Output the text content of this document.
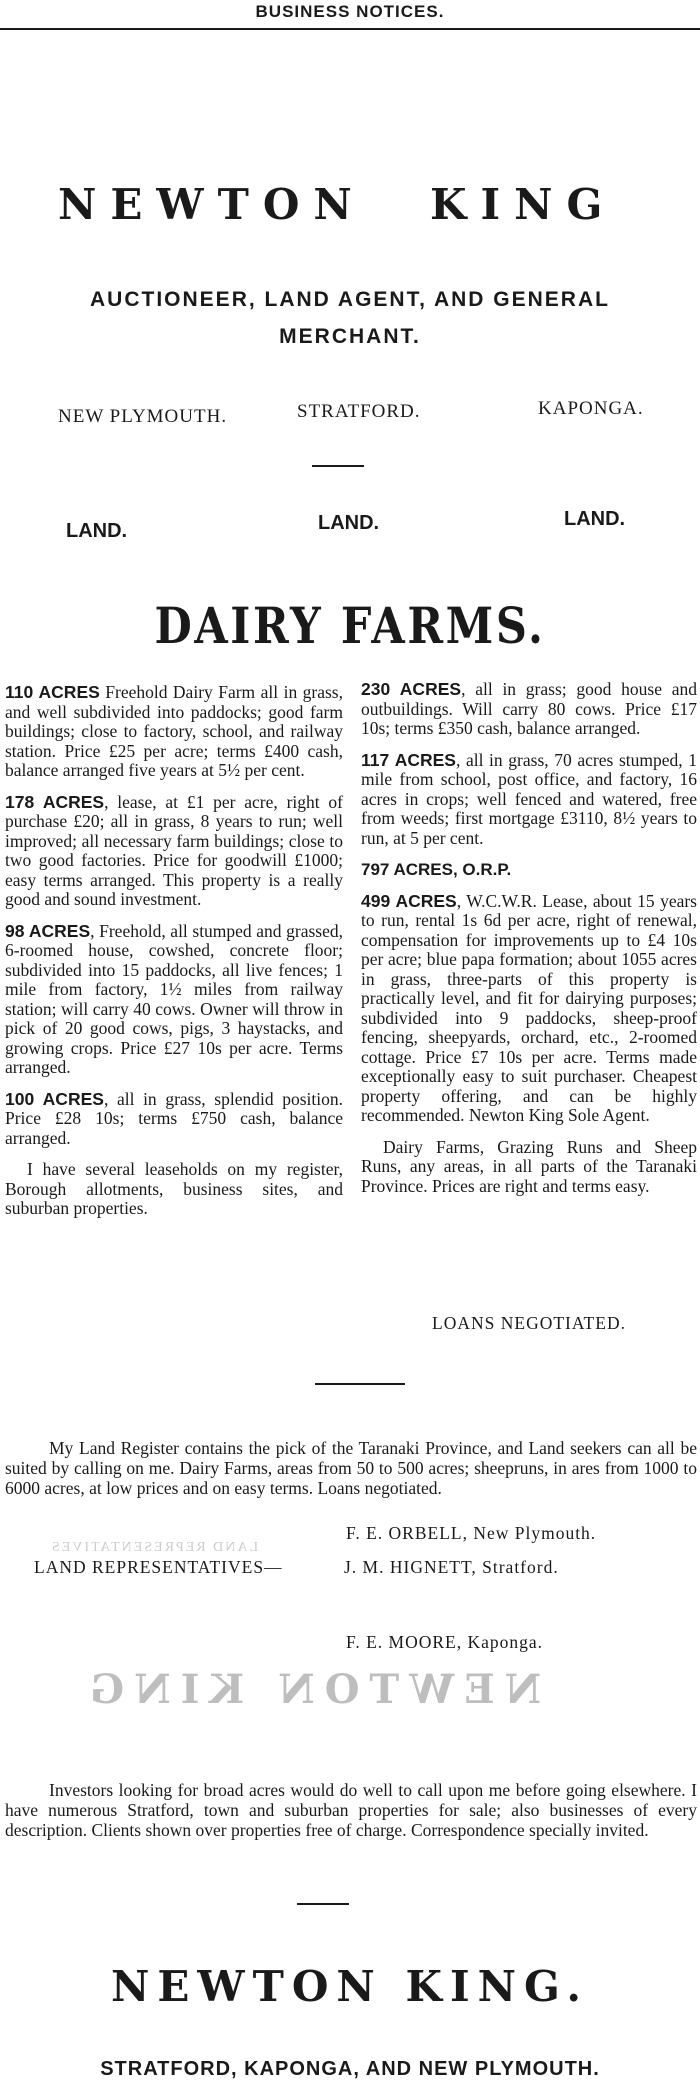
BUSINESS NOTICES.
NEWTON KING
AUCTIONEER, LAND AGENT, AND GENERAL
MERCHANT.
NEW PLYMOUTH.	STRATFORD.	KAPONGA.
LAND.	LAND.	LAND.
DAIRY FARMS.

110 ACRES Freehold Dairy Farm all in grass, and well subdivided into paddocks; good farm buildings; close to factory, school, and railway station. Price £25 per acre; terms £400 cash, balance arranged five years at 5½ per cent.

178 ACRES, lease, at £1 per acre, right of purchase £20; all in grass, 8 years to run; well improved; all necessary farm buildings; close to two good factories. Price for goodwill £1000; easy terms arranged. This property is a really good and sound investment.

98 ACRES, Freehold, all stumped and grassed, 6-roomed house, cowshed, concrete floor; subdivided into 15 paddocks, all live fences; 1 mile from factory, 1½ miles from railway station; will carry 40 cows. Owner will throw in pick of 20 good cows, pigs, 3 haystacks, and growing crops. Price £27 10s per acre. Terms arranged.

100 ACRES, all in grass, splendid position. Price £28 10s; terms £750 cash, balance arranged.

I have several leaseholds on my register, Borough allotments, business sites, and suburban properties.

230 ACRES, all in grass; good house and outbuildings. Will carry 80 cows. Price £17 10s; terms £350 cash, balance arranged.

117 ACRES, all in grass, 70 acres stumped, 1 mile from school, post office, and factory, 16 acres in crops; well fenced and watered, free from weeds; first mortgage £3110, 8½ years to run, at 5 per cent.

797 ACRES, O.R.P.

499 ACRES, W.C.W.R. Lease, about 15 years to run, rental 1s 6d per acre, right of renewal, compensation for improvements up to £4 10s per acre; blue papa formation; about 1055 acres in grass, three-parts of this property is practically level, and fit for dairying purposes; subdivided into 9 paddocks, sheep-proof fencing, sheepyards, orchard, etc., 2-roomed cottage. Price £7 10s per acre. Terms made exceptionally easy to suit purchaser. Cheapest property offering, and can be highly recommended. Newton King Sole Agent.

Dairy Farms, Grazing Runs and Sheep Runs, any areas, in all parts of the Taranaki Province. Prices are right and terms easy.

LOANS NEGOTIATED.
My Land Register contains the pick of the Taranaki Province, and Land seekers can all be suited by calling on me. Dairy Farms, areas from 50 to 500 acres; sheepruns, in ares from 1000 to 6000 acres, at low prices and on easy terms. Loans negotiated.
F. E. ORBELL, New Plymouth.
LAND REPRESENTATIVES—	J. M. HIGNETT, Stratford.
F. E. MOORE, Kaponga.
LAND REPRESENTATIVES
NEWTON KING
Investors looking for broad acres would do well to call upon me before going elsewhere. I have numerous Stratford, town and suburban properties for sale; also businesses of every description. Clients shown over properties free of charge. Correspondence specially invited.
NEWTON KING.
STRATFORD, KAPONGA, AND NEW PLYMOUTH.
